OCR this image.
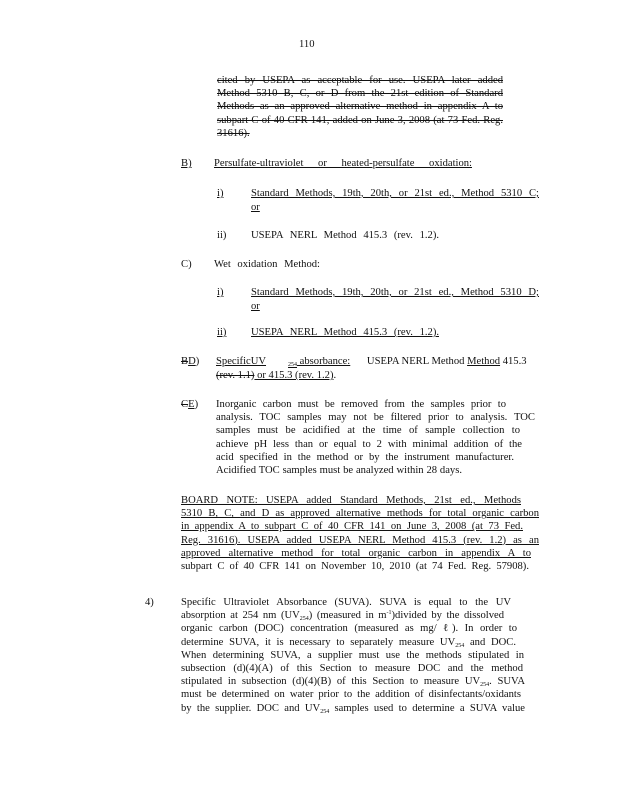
110
cited by USEPA as acceptable for use. USEPA later added
Method 5310 B, C, or D from the 21st edition of Standard
Methods as an approved alternative method in appendix A to
subpart C of 40 CFR 141, added on June 3, 2008 (at 73 Fed. Reg.
31616).
B) Persulfate-ultraviolet or heated-persulfate oxidation:
i)	Standard Methods, 19th, 20th, or 21st ed., Method 5310 C;
or
ii) USEPA NERL Method 415.3 (rev. 1.2).
C) Wet oxidation Method:
i)	Standard Methods, 19th, 20th, or 21st ed., Method 5310 D;
or
ii) USEPA NERL Method 415.3 (rev. 1.2).
BD) SpecificUV	$_{254}$ absorbance: USEPA NERL Method Method 415.3
(rev. 1.1) or 415.3 (rev. 1.2).
CE) Inorganic carbon must be removed from the samples prior to
analysis. TOC samples may not be filtered prior to analysis. TOC
samples must be acidified at the time of sample collection to
achieve pH less than or equal to 2 with minimal addition of the
acid specified in the method or by the instrument manufacturer.
Acidified TOC samples must be analyzed within 28 days.
BOARD NOTE: USEPA added Standard Methods, 21st ed., Methods
5310 B, C, and D as approved alternative methods for total organic carbon
in appendix A to subpart C of 40 CFR 141 on June 3, 2008 (at 73 Fed.
Reg. 31616). USEPA added USEPA NERL Method 415.3 (rev. 1.2) as an
approved alternative method for total organic carbon in appendix A to
subpart C of 40 CFR 141 on November 10, 2010 (at 74 Fed. Reg. 57908).
4)	Specific Ultraviolet Absorbance (SUVA). SUVA is equal to the UV
absorption at 254 nm $(UV_{254})$ (measured in $m^{-1})divided$ by the dissolved
organic carbon (DOC) concentration (measured as mg/ ℓ). In order to
determine SUVA, it is necessary to separately measure $UV_{254}$ and DOC.
When determining SUVA, a supplier must use the methods stipulated in
subsection (d)(4)(A) of this Section to measure DOC and the method
stipulated in subsection (d)(4)(B) of this Section to measure $UV_{254}$. SUVA
must be determined on water prior to the addition of disinfectants/oxidants
by the supplier. DOC and $UV_{254}$ samples used to determine a SUVA value
